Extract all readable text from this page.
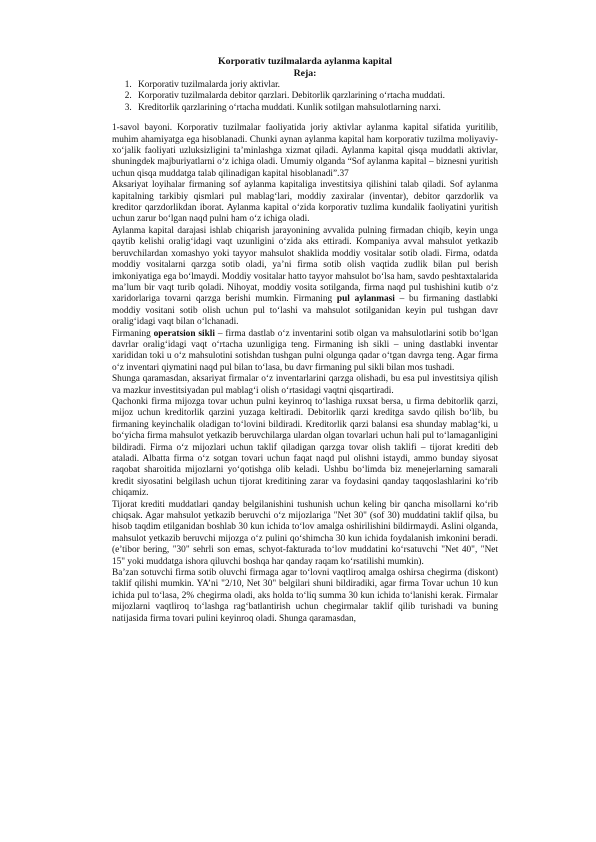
Korporativ tuzilmalarda aylanma kapital

Reja:

1. Korporativ tuzilmalarda joriy aktivlar.
2. Korporativ tuzilmalarda debitor qarzlari. Debitorlik qarzlarining o‘rtacha muddati.
3. Kreditorlik qarzlarining o‘rtacha muddati. Kunlik sotilgan mahsulotlarning narxi.

1-savol bayoni. Korporativ tuzilmalar faoliyatida joriy aktivlar aylanma kapital sifatida yuritilib, muhim ahamiyatga ega hisoblanadi. Chunki aynan aylanma kapital ham korporativ tuzilma moliyaviy-xo‘jalik faoliyati uzluksizligini ta’minlashga xizmat qiladi. Aylanma kapital qisqa muddatli aktivlar, shuningdek majburiyatlarni o‘z ichiga oladi. Umumiy olganda “Sof aylanma kapital – biznesni yuritish uchun qisqa muddatga talab qilinadigan kapital hisoblanadi”.37

Aksariyat loyihalar firmaning sof aylanma kapitaliga investitsiya qilishini talab qiladi. Sof aylanma kapitalning tarkibiy qismlari pul mablag‘lari, moddiy zaxiralar (inventar), debitor qarzdorlik va kreditor qarzdorlikdan iborat. Aylanma kapital o‘zida korporativ tuzlima kundalik faoliyatini yuritish uchun zarur bo‘lgan naqd pulni ham o‘z ichiga oladi.

Aylanma kapital darajasi ishlab chiqarish jarayonining avvalida pulning firmadan chiqib, keyin unga qaytib kelishi oralig‘idagi vaqt uzunligini o‘zida aks ettiradi. Kompaniya avval mahsulot yetkazib beruvchilardan xomashyo yoki tayyor mahsulot shaklida moddiy vositalar sotib oladi. Firma, odatda moddiy vositalarni qarzga sotib oladi, ya’ni firma sotib olish vaqtida zudlik bilan pul berish imkoniyatiga ega bo‘lmaydi. Moddiy vositalar hatto tayyor mahsulot bo‘lsa ham, savdo peshtaxtalarida ma’lum bir vaqt turib qoladi. Nihoyat, moddiy vosita sotilganda, firma naqd pul tushishini kutib o‘z xaridorlariga tovarni qarzga berishi mumkin. Firmaning pul aylanmasi – bu firmaning dastlabki moddiy vositani sotib olish uchun pul to‘lashi va mahsulot sotilganidan keyin pul tushgan davr oralig‘idagi vaqt bilan o‘lchanadi.

Firmaning operatsion sikli – firma dastlab o‘z inventarini sotib olgan va mahsulotlarini sotib bo‘lgan davrlar oralig‘idagi vaqt o‘rtacha uzunligiga teng. Firmaning ish sikli – uning dastlabki inventar xarididan toki u o‘z mahsulotini sotishdan tushgan pulni olgunga qadar o‘tgan davrga teng. Agar firma o‘z inventari qiymatini naqd pul bilan to‘lasa, bu davr firmaning pul sikli bilan mos tushadi.

Shunga qaramasdan, aksariyat firmalar o‘z inventarlarini qarzga olishadi, bu esa pul investitsiya qilish va mazkur investitsiyadan pul mablag‘i olish o‘rtasidagi vaqtni qisqartiradi.

Qachonki firma mijozga tovar uchun pulni keyinroq to‘lashiga ruxsat bersa, u firma debitorlik qarzi, mijoz uchun kreditorlik qarzini yuzaga keltiradi. Debitorlik qarzi kreditga savdo qilish bo‘lib, bu firmaning keyinchalik oladigan to‘lovini bildiradi. Kreditorlik qarzi balansi esa shunday mablag‘ki, u bo‘yicha firma mahsulot yetkazib beruvchilarga ulardan olgan tovarlari uchun hali pul to‘lamaganligini bildiradi. Firma o‘z mijozlari uchun taklif qiladigan qarzga tovar olish taklifi – tijorat krediti deb ataladi. Albatta firma o‘z sotgan tovari uchun faqat naqd pul olishni istaydi, ammo bunday siyosat raqobat sharoitida mijozlarni yo‘qotishga olib keladi. Ushbu bo‘limda biz menejerlarning samarali kredit siyosatini belgilash uchun tijorat kreditining zarar va foydasini qanday taqqoslashlarini ko‘rib chiqamiz.

Tijorat krediti muddatlari qanday belgilanishini tushunish uchun keling bir qancha misollarni ko‘rib chiqsak. Agar mahsulot yetkazib beruvchi o‘z mijozlariga "Net 30" (sof 30) muddatini taklif qilsa, bu hisob taqdim etilganidan boshlab 30 kun ichida to‘lov amalga oshirilishini bildirmaydi. Aslini olganda, mahsulot yetkazib beruvchi mijozga o‘z pulini qo‘shimcha 30 kun ichida foydalanish imkonini beradi. (e’tibor bering, "30" sehrli son emas, schyot-fakturada to‘lov muddatini ko‘rsatuvchi "Net 40", "Net 15" yoki muddatga ishora qiluvchi boshqa har qanday raqam ko‘rsatilishi mumkin).

Ba’zan sotuvchi firma sotib oluvchi firmaga agar to‘lovni vaqtliroq amalga oshirsa chegirma (diskont) taklif qilishi mumkin. YA’ni "2/10, Net 30" belgilari shuni bildiradiki, agar firma Tovar uchun 10 kun ichida pul to‘lasa, 2% chegirma oladi, aks holda to‘liq summa 30 kun ichida to‘lanishi kerak. Firmalar mijozlarni vaqtliroq to‘lashga rag‘batlantirish uchun chegirmalar taklif qilib turishadi va buning natijasida firma tovari pulini keyinroq oladi. Shunga qaramasdan,
